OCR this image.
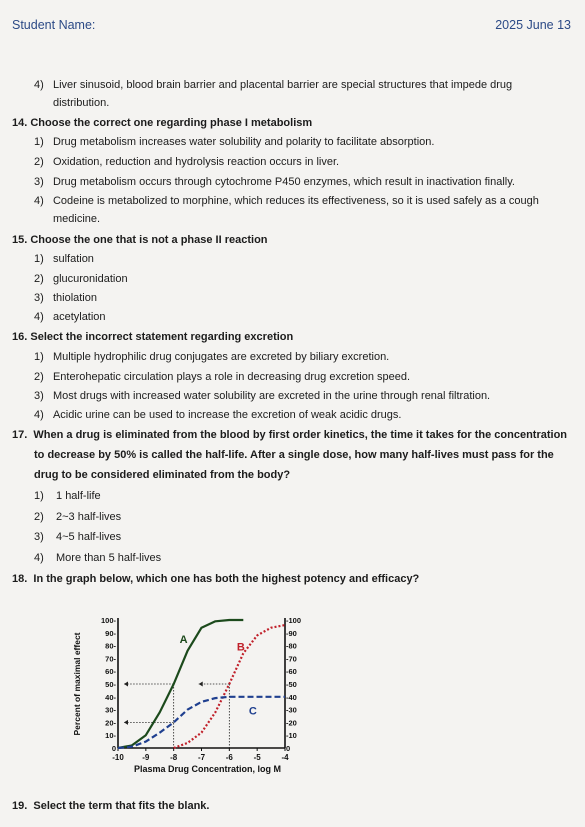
Student Name:	2025 June 13
4) Liver sinusoid, blood brain barrier and placental barrier are special structures that impede drug
distribution.
14. Choose the correct one regarding phase I metabolism
1) Drug metabolism increases water solubility and polarity to facilitate absorption.
2) Oxidation, reduction and hydrolysis reaction occurs in liver.
3) Drug metabolism occurs through cytochrome P450 enzymes, which result in inactivation finally.
4) Codeine is metabolized to morphine, which reduces its effectiveness, so it is used safely as a cough
medicine.
15. Choose the one that is not a phase II reaction
1) sulfation
2) glucuronidation
3) thiolation
4) acetylation
16. Select the incorrect statement regarding excretion
1) Multiple hydrophilic drug conjugates are excreted by biliary excretion.
2) Enterohepatic circulation plays a role in decreasing drug excretion speed.
3) Most drugs with increased water solubility are excreted in the urine through renal filtration.
4) Acidic urine can be used to increase the excretion of weak acidic drugs.
17. When a drug is eliminated from the blood by first order kinetics, the time it takes for the concentration
to decrease by 50% is called the half-life. After a single dose, how many half-lives must pass for the
drug to be considered eliminated from the body?
1) 1 half-life
2) 2~3 half-lives
3) 4~5 half-lives
4) More than 5 half-lives
18. In the graph below, which one has both the highest potency and efficacy?
0
10-
20-
30-
40-
50-
60-
70-
80-
90-
100-
0
-10
-20
-30
-40
-50
-60
-70
-80
-90
-100
-10 -9	-8	-7	-6	-5	-4
Plasma Drug Concentration, log M
Percent of maximal effect	A
B
C
19. Select the term that fits the blank.
